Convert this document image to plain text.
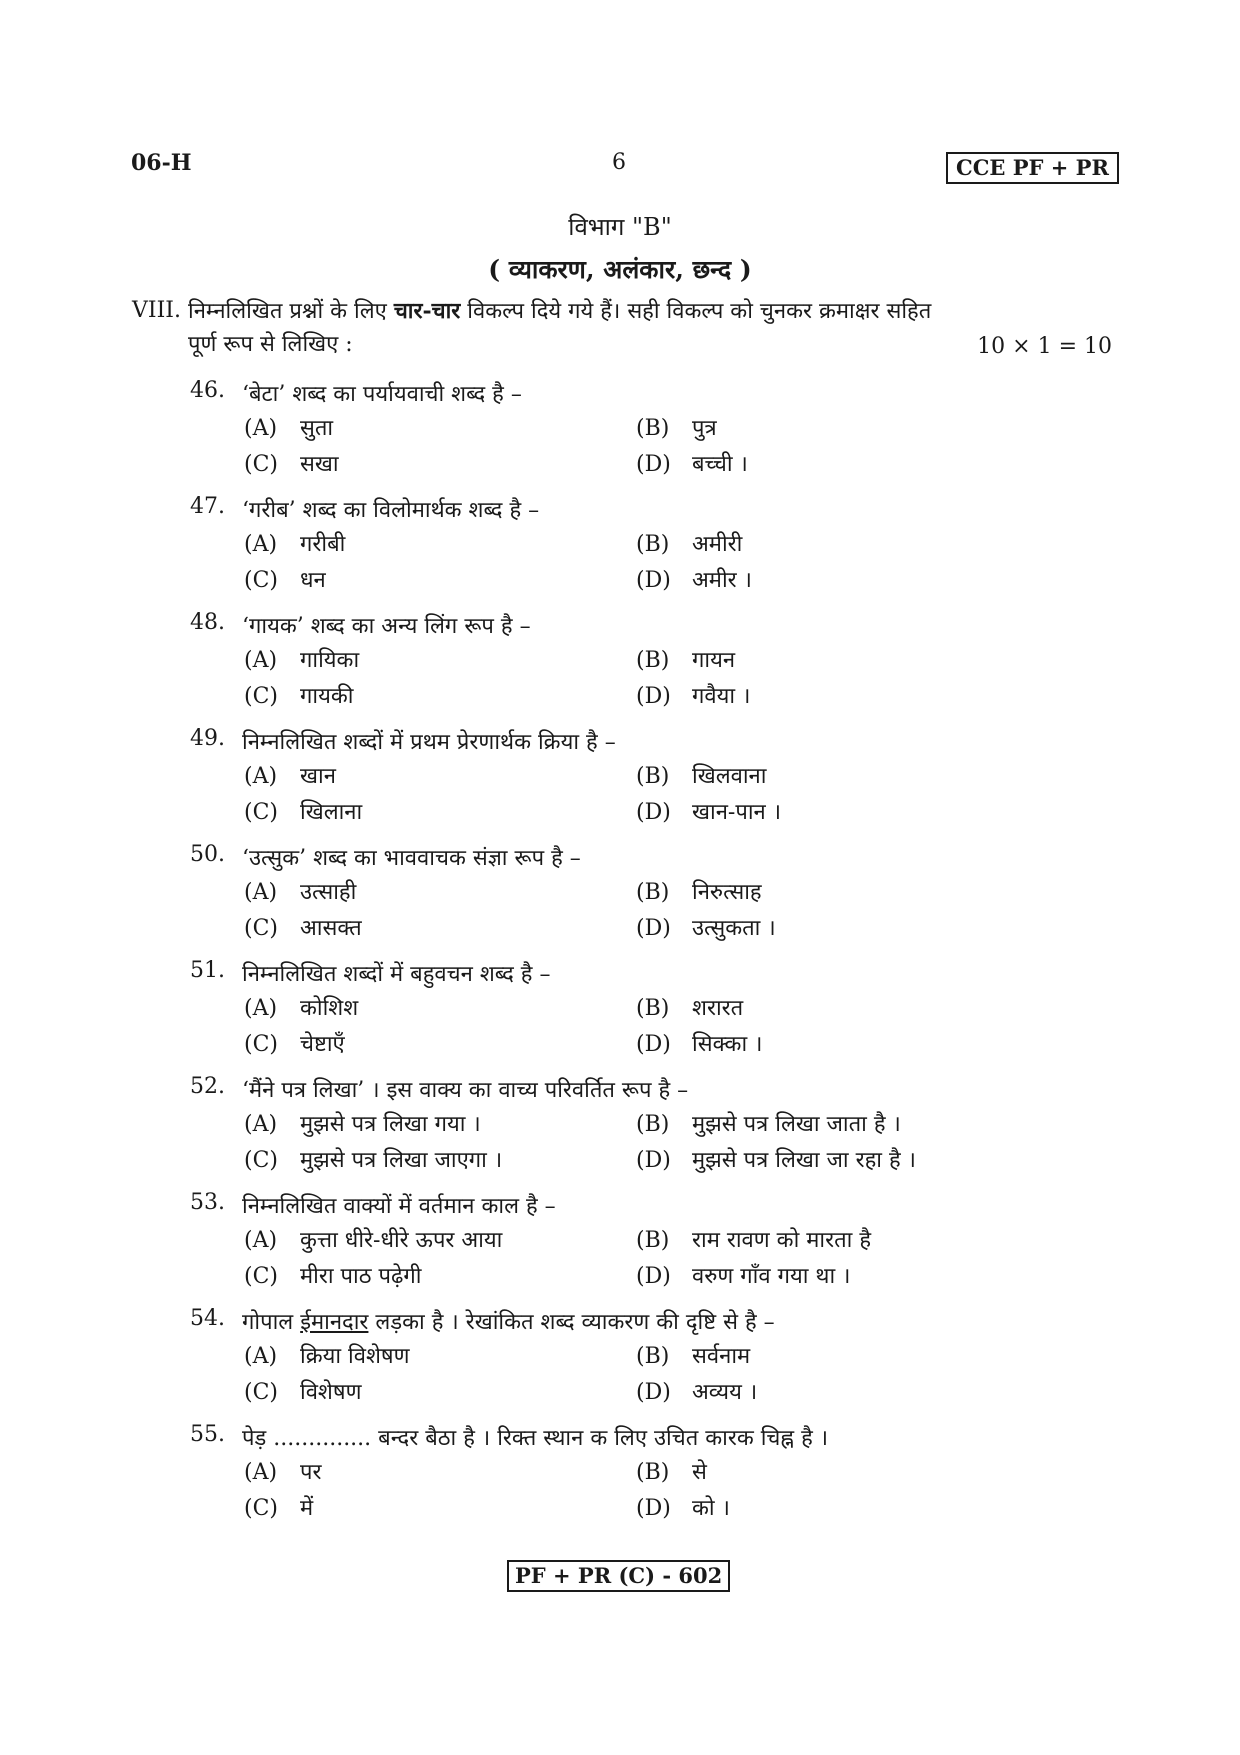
06-H	6	CCE PF + PR
विभाग "B"
( व्याकरण, अलंकार, छन्द )
VIII. निम्नलिखित प्रश्नों के लिए चार-चार विकल्प दिये गये हैं। सही विकल्प को चुनकर क्रमाक्षर सहित
पूर्ण रूप से लिखिए :	10 × 1 = 10
46. ‘बेटा’ शब्द का पर्यायवाची शब्द है –
(A) सुता	(B) पुत्र
(C) सखा	(D) बच्ची ।
47. ‘गरीब’ शब्द का विलोमार्थक शब्द है –
(A) गरीबी	(B) अमीरी
(C) धन	(D) अमीर ।
48. ‘गायक’ शब्द का अन्य लिंग रूप है –
(A) गायिका	(B) गायन
(C) गायकी	(D) गवैया ।
49. निम्नलिखित शब्दों में प्रथम प्रेरणार्थक क्रिया है –
(A) खान	(B) खिलवाना
(C) खिलाना	(D) खान-पान ।
50. ‘उत्सुक’ शब्द का भाववाचक संज्ञा रूप है –
(A) उत्साही	(B) निरुत्साह
(C) आसक्त	(D) उत्सुकता ।
51. निम्नलिखित शब्दों में बहुवचन शब्द है –
(A) कोशिश	(B) शरारत
(C) चेष्टाएँ	(D) सिक्का ।
52. ‘मैंने पत्र लिखा’ । इस वाक्य का वाच्य परिवर्तित रूप है –
(A) मुझसे पत्र लिखा गया ।	(B) मुझसे पत्र लिखा जाता है ।
(C) मुझसे पत्र लिखा जाएगा ।	(D) मुझसे पत्र लिखा जा रहा है ।
53. निम्नलिखित वाक्यों में वर्तमान काल है –
(A) कुत्ता धीरे-धीरे ऊपर आया	(B) राम रावण को मारता है
(C) मीरा पाठ पढ़ेगी	(D) वरुण गाँव गया था ।
54. गोपाल ईमानदार लड़का है । रेखांकित शब्द व्याकरण की दृष्टि से है –
(A) क्रिया विशेषण	(B) सर्वनाम
(C) विशेषण	(D) अव्यय ।
55. पेड़ .............. बन्दर बैठा है । रिक्त स्थान क लिए उचित कारक चिह्न है ।
(A) पर	(B) से
(C) में	(D) को ।
PF + PR (C) - 602
